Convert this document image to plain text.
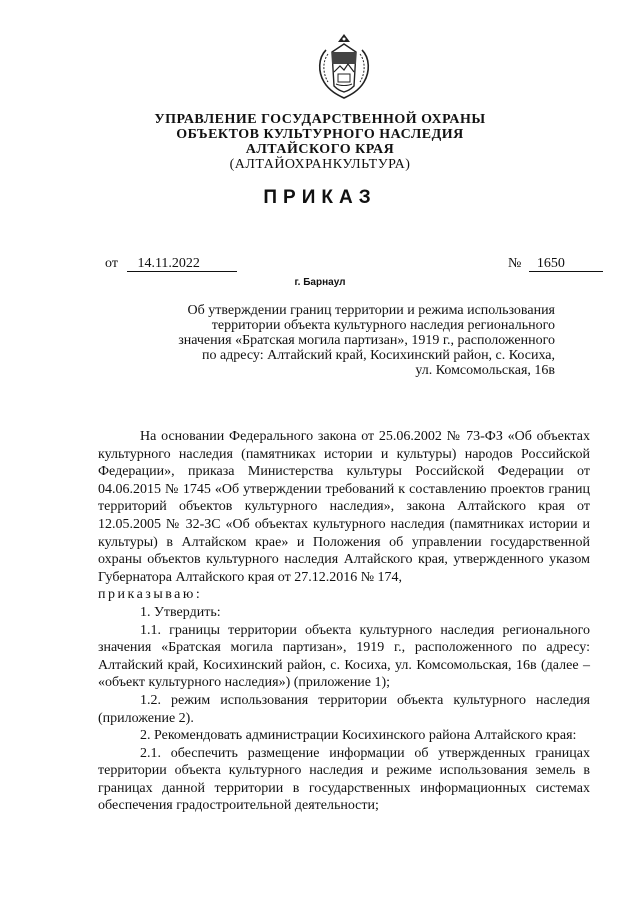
УПРАВЛЕНИЕ ГОСУДАРСТВЕННОЙ ОХРАНЫ
ОБЪЕКТОВ КУЛЬТУРНОГО НАСЛЕДИЯ
АЛТАЙСКОГО КРАЯ
(АЛТАЙОХРАНКУЛЬТУРА)
ПРИКАЗ
от 14.11.2022	№ 1650
г. Барнаул
Об утверждении границ территории и режима использования
территории объекта культурного наследия регионального
значения «Братская могила партизан», 1919 г., расположенного
по адресу: Алтайский край, Косихинский район, с. Косиха,
ул. Комсомольская, 16в

На основании Федерального закона от 25.06.2002 № 73-ФЗ «Об объектах культурного наследия (памятниках истории и культуры) народов Российской Федерации», приказа Министерства культуры Российской Федерации от 04.06.2015 № 1745 «Об утверждении требований к составлению проектов границ территорий объектов культурного наследия», закона Алтайского края от 12.05.2005 № 32-ЗС «Об объектах культурного наследия (памятниках истории и культуры) в Алтайском крае» и Положения об управлении государственной охраны объектов культурного наследия Алтайского края, утвержденного указом Губернатора Алтайского края от 27.12.2016 № 174,

приказываю:

1. Утвердить:

1.1. границы территории объекта культурного наследия регионального значения «Братская могила партизан», 1919 г., расположенного по адресу: Алтайский край, Косихинский район, с. Косиха, ул. Комсомольская, 16в (далее – «объект культурного наследия») (приложение 1);

1.2. режим использования территории объекта культурного наследия (приложение 2).

2. Рекомендовать администрации Косихинского района Алтайского края:

2.1. обеспечить размещение информации об утвержденных границах территории объекта культурного наследия и режиме использования земель в границах данной территории в государственных информационных системах обеспечения градостроительной деятельности;
